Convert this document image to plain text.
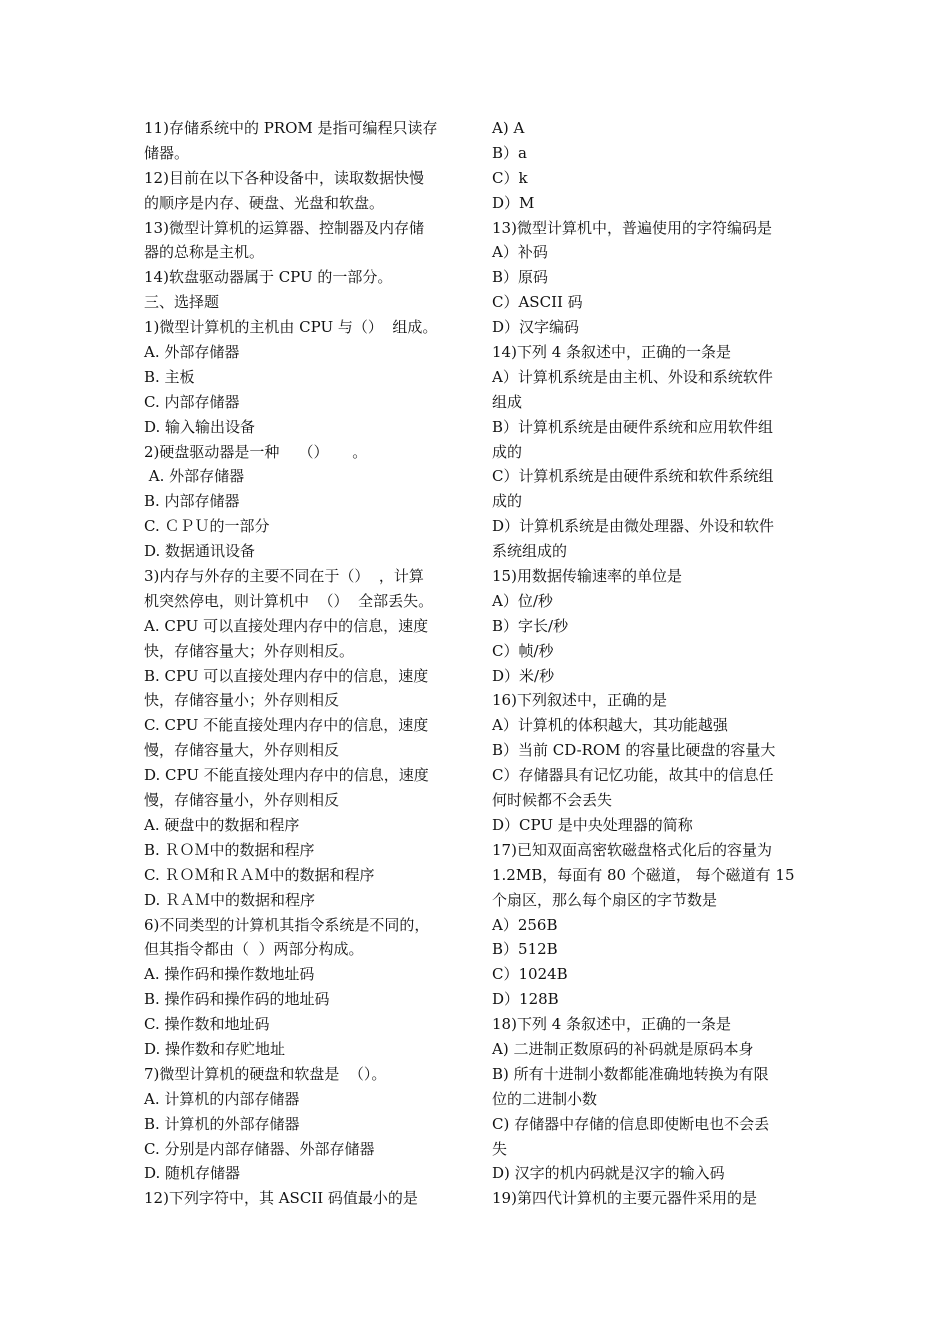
11)存储系统中的 PROM 是指可编程只读存
储器。
12)目前在以下各种设备中，读取数据快慢
的顺序是内存、硬盘、光盘和软盘。
13)微型计算机的运算器、控制器及内存储
器的总称是主机。
14)软盘驱动器属于 CPU 的一部分。
三、选择题
1)微型计算机的主机由 CPU 与（）  组成。
A. 外部存储器
B. 主板
C. 内部存储器
D. 输入输出设备
2)硬盘驱动器是一种    （）     。
A. 外部存储器
B. 内部存储器
C. ＣＰＵ的一部分
D. 数据通讯设备
3)内存与外存的主要不同在于（）  ，计算
机突然停电，则计算机中  （）  全部丢失。
A. CPU 可以直接处理内存中的信息，速度
快，存储容量大；外存则相反。
B. CPU 可以直接处理内存中的信息，速度
快，存储容量小；外存则相反
C. CPU 不能直接处理内存中的信息，速度
慢，存储容量大，外存则相反
D. CPU 不能直接处理内存中的信息，速度
慢，存储容量小，外存则相反
A. 硬盘中的数据和程序
B. ＲＯＭ中的数据和程序
C. ＲＯＭ和ＲＡＭ中的数据和程序
D. ＲＡＭ中的数据和程序
6)不同类型的计算机其指令系统是不同的，
但其指令都由（  ）两部分构成。
A. 操作码和操作数地址码
B. 操作码和操作码的地址码
C. 操作数和地址码
D. 操作数和存贮地址
7)微型计算机的硬盘和软盘是  （）。
A. 计算机的内部存储器
B. 计算机的外部存储器
C. 分别是内部存储器、外部存储器
D. 随机存储器
12)下列字符中，其 ASCII 码值最小的是
A) A
B）a
C）k
D）M
13)微型计算机中，普遍使用的字符编码是
A）补码
B）原码
C）ASCII 码
D）汉字编码
14)下列 4 条叙述中，正确的一条是
A）计算机系统是由主机、外设和系统软件
组成
B）计算机系统是由硬件系统和应用软件组
成的
C）计算机系统是由硬件系统和软件系统组
成的
D）计算机系统是由微处理器、外设和软件
系统组成的
15)用数据传输速率的单位是
A）位/秒
B）字长/秒
C）帧/秒
D）米/秒
16)下列叙述中，正确的是
A）计算机的体积越大，其功能越强
B）当前 CD-ROM 的容量比硬盘的容量大
C）存储器具有记忆功能，故其中的信息任
何时候都不会丢失
D）CPU 是中央处理器的简称
17)已知双面高密软磁盘格式化后的容量为
1.2MB，每面有 80 个磁道， 每个磁道有 15
个扇区，那么每个扇区的字节数是
A）256B
B）512B
C）1024B
D）128B
18)下列 4 条叙述中，正确的一条是
A) 二进制正数原码的补码就是原码本身
B) 所有十进制小数都能准确地转换为有限
位的二进制小数
C) 存储器中存储的信息即使断电也不会丢
失
D) 汉字的机内码就是汉字的输入码
19)第四代计算机的主要元器件采用的是
